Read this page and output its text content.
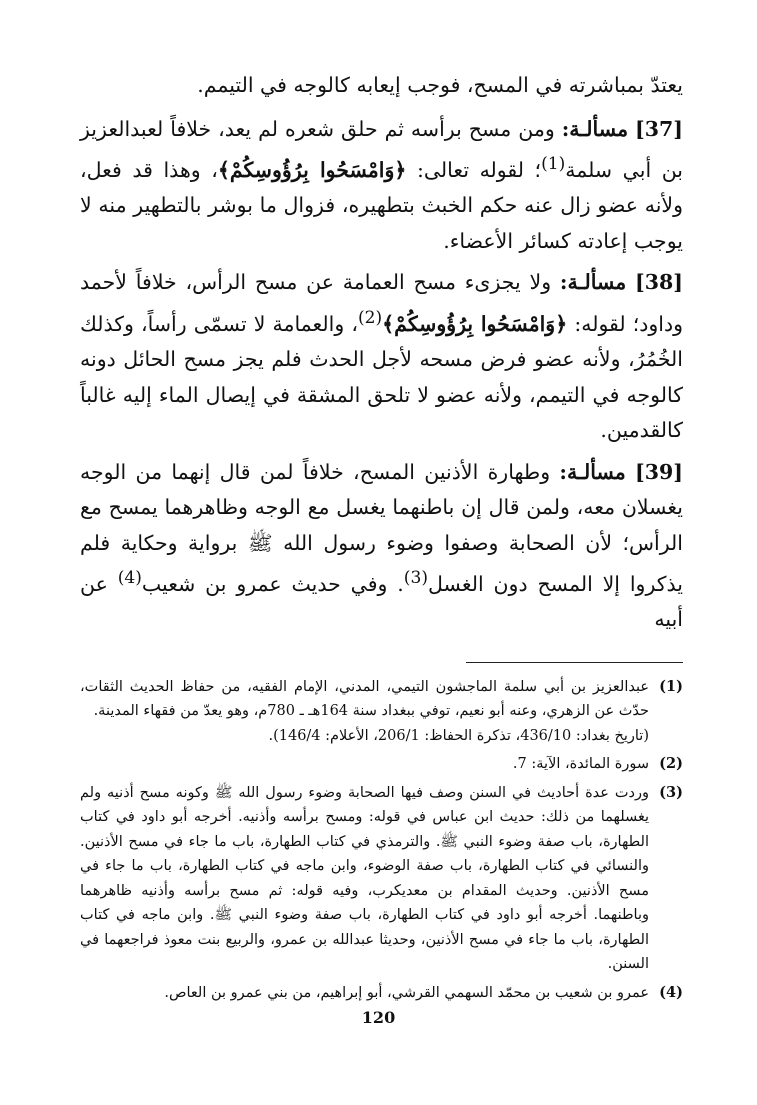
يعتدّ بمباشرته في المسح، فوجب إيعابه كالوجه في التيمم.

[37] مسألـة: ومن مسح برأسه ثم حلق شعره لم يعد، خلافاً لعبدالعزيز بن أبي سلمة$^{(1)}$؛ لقوله تعالى: ﴿وَامْسَحُوا بِرُؤُوسِكُمْ﴾، وهذا قد فعل، ولأنه عضو زال عنه حكم الخبث بتطهيره، فزوال ما بوشر بالتطهير منه لا يوجب إعادته كسائر الأعضاء.

[38] مسألـة: ولا يجزىء مسح العمامة عن مسح الرأس، خلافاً لأحمد وداود؛ لقوله: ﴿وَامْسَحُوا بِرُؤُوسِكُمْ﴾$^{(2)}$، والعمامة لا تسمّى رأساً، وكذلك الخُمُرُ، ولأنه عضو فرض مسحه لأجل الحدث فلم يجز مسح الحائل دونه كالوجه في التيمم، ولأنه عضو لا تلحق المشقة في إيصال الماء إليه غالباً كالقدمين.

[39] مسألـة: وطهارة الأذنين المسح، خلافاً لمن قال إنهما من الوجه يغسلان معه، ولمن قال إن باطنهما يغسل مع الوجه وظاهرهما يمسح مع الرأس؛ لأن الصحابة وصفوا وضوء رسول الله ﷺ برواية وحكاية فلم يذكروا إلا المسح دون الغسل$^{(3)}$. وفي حديث عمرو بن شعيب$^{(4)}$ عن أبيه

(1)
عبدالعزيز بن أبي سلمة الماجشون التيمي، المدني، الإمام الفقيه، من حفاظ الحديث الثقات، حدّث عن الزهري، وعنه أبو نعيم، توفي ببغداد سنة 164هـ ـ 780م، وهو يعدّ من فقهاء المدينة.
(تاريخ بغداد: 436/10، تذكرة الحفاظ: 206/1، الأعلام: 146/4).
(2)
سورة المائدة، الآية: 7.
(3)
وردت عدة أحاديث في السنن وصف فيها الصحابة وضوء رسول الله ﷺ وكونه مسح أذنيه ولم يغسلهما من ذلك: حديث ابن عباس في قوله: ومسح برأسه وأذنيه. أخرجه أبو داود في كتاب الطهارة، باب صفة وضوء النبي ﷺ. والترمذي في كتاب الطهارة، باب ما جاء في مسح الأذنين. والنسائي في كتاب الطهارة، باب صفة الوضوء، وابن ماجه في كتاب الطهارة، باب ما جاء في مسح الأذنين. وحديث المقدام بن معديكرب، وفيه قوله: ثم مسح برأسه وأذنيه ظاهرهما وباطنهما. أخرجه أبو داود في كتاب الطهارة، باب صفة وضوء النبي ﷺ. وابن ماجه في كتاب الطهارة، باب ما جاء في مسح الأذنين، وحديثا عبدالله بن عمرو، والربيع بنت معوذ فراجعهما في السنن.
(4)
عمرو بن شعيب بن محمّد السهمي القرشي، أبو إبراهيم، من بني عمرو بن العاص.
120
